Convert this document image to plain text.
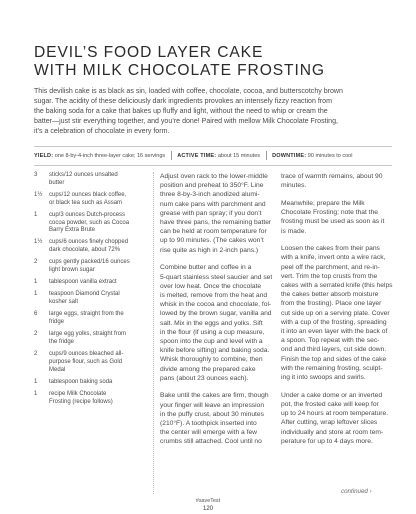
DEVIL’S FOOD LAYER CAKE
WITH MILK CHOCOLATE FROSTING
This devilish cake is as black as sin, loaded with coffee, chocolate, cocoa, and butterscotchy brown
sugar. The acidity of these deliciously dark ingredients provokes an intensely fizzy reaction from
the baking soda for a cake that bakes up fluffy and light, without the need to whip or cream the
batter—just stir everything together, and you’re done! Paired with mellow Milk Chocolate Frosting,
it’s a celebration of chocolate in every form.
YIELD: one 8-by-4-inch three-layer cake; 16 servings ACTIVE TIME: about 15 minutes DOWNTIME: 90 minutes to cool
3 sticks/12 ounces unsalted
butter
1½ cups/12 ounces black coffee,
or black tea such as Assam
1 cup/3 ounces Dutch-process
cocoa powder, such as Cocoa
Barry Extra Brute
1½ cups/6 ounces finely chopped
dark chocolate, about 72%
2 cups gently packed/16 ounces
light brown sugar
1 tablespoon vanilla extract
1 teaspoon Diamond Crystal
kosher salt
6 large eggs, straight from the
fridge
2 large egg yolks, straight from
the fridge
2 cups/9 ounces bleached all-
purpose flour, such as Gold
Medal
1 tablespoon baking soda
1 recipe Milk Chocolate
Frosting (recipe follows)

Adjust oven rack to the lower-middle
position and preheat to 350°F. Line
three 8-by-3-inch anodized alumi-
num cake pans with parchment and
grease with pan spray; if you don’t
have three pans, the remaining batter
can be held at room temperature for
up to 90 minutes. (The cakes won’t
rise quite as high in 2-inch pans.)

Combine butter and coffee in a
5-quart stainless steel saucier and set
over low heat. Once the chocolate
is melted, remove from the heat and
whisk in the cocoa and chocolate, fol-
lowed by the brown sugar, vanilla and
salt. Mix in the eggs and yolks. Sift
in the flour (if using a cup measure,
spoon into the cup and level with a
knife before sifting) and baking soda.
Whisk thoroughly to combine, then
divide among the prepared cake
pans (about 23 ounces each).

Bake until the cakes are firm, though
your finger will leave an impression
in the puffy crust, about 30 minutes
(210°F). A toothpick inserted into
the center will emerge with a few
crumbs still attached. Cool until no

trace of warmth remains, about 90
minutes.

Meanwhile, prepare the Milk
Chocolate Frosting; note that the
frosting must be used as soon as it
is made.

Loosen the cakes from their pans
with a knife, invert onto a wire rack,
peel off the parchment, and re-in-
vert. Trim the top crusts from the
cakes with a serrated knife (this helps
the cakes better absorb moisture
from the frosting). Place one layer
cut side up on a serving plate. Cover
with a cup of the frosting, spreading
it into an even layer with the back of
a spoon. Top repeat with the sec-
ond and third layers, cut side down.
Finish the top and sides of the cake
with the remaining frosting, sculpt-
ing it into swoops and swirls.

Under a cake dome or an inverted
pot, the frosted cake will keep for
up to 24 hours at room temperature.
After cutting, wrap leftover slices
individually and store at room tem-
perature for up to 4 days more.

continued ›
#saveTest
120
